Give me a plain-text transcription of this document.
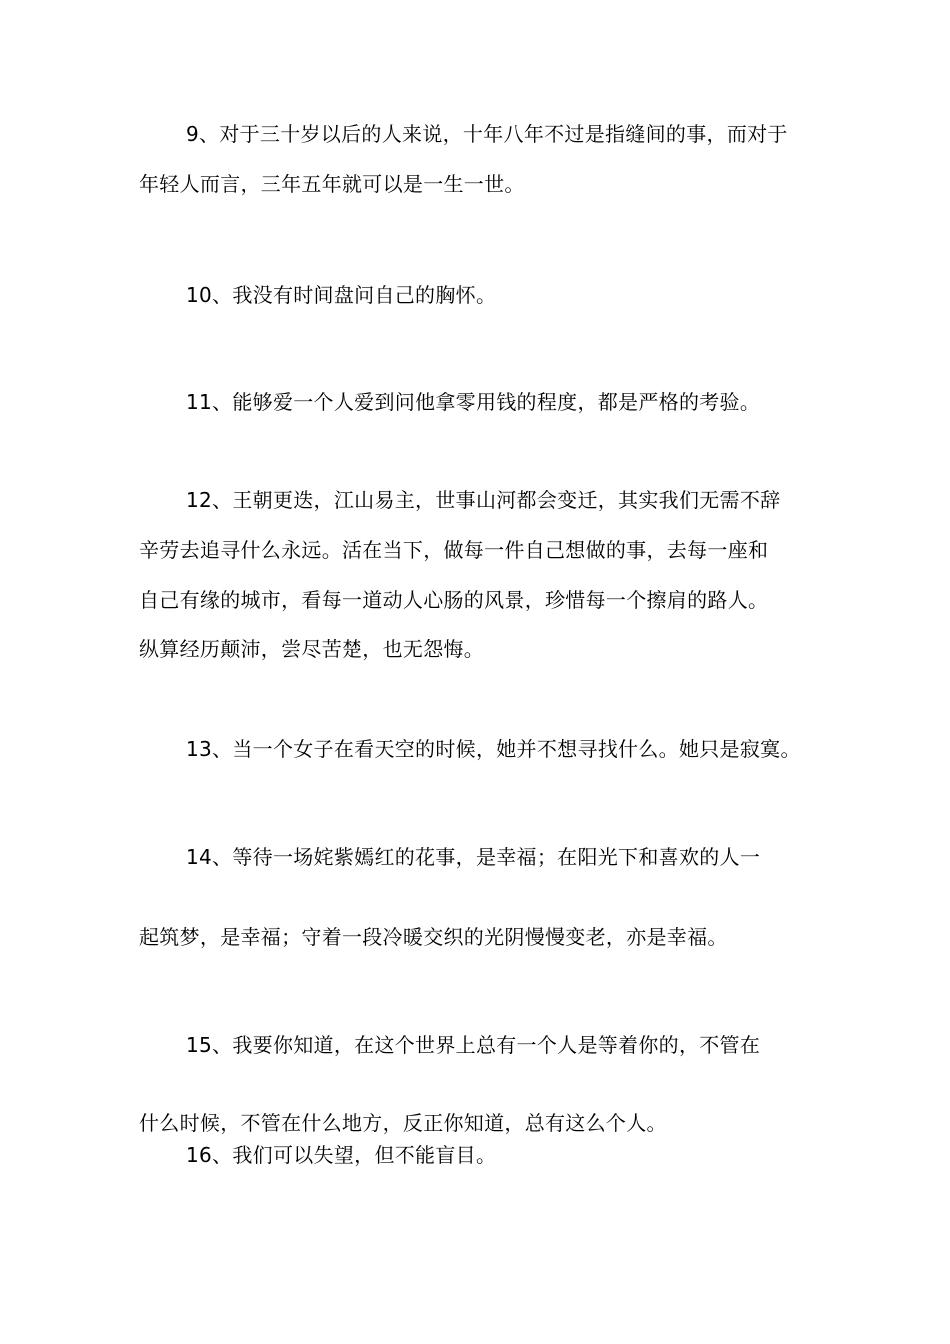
9、对于三十岁以后的人来说，十年八年不过是指缝间的事，而对于
年轻人而言，三年五年就可以是一生一世。
10、我没有时间盘问自己的胸怀。
11、能够爱一个人爱到问他拿零用钱的程度，都是严格的考验。
12、王朝更迭，江山易主，世事山河都会变迁，其实我们无需不辞
辛劳去追寻什么永远。活在当下，做每一件自己想做的事，去每一座和
自己有缘的城市，看每一道动人心肠的风景，珍惜每一个擦肩的路人。
纵算经历颠沛，尝尽苦楚，也无怨悔。
13、当一个女子在看天空的时候，她并不想寻找什么。她只是寂寞。
14、等待一场姹紫嫣红的花事，是幸福；在阳光下和喜欢的人一
起筑梦，是幸福；守着一段冷暖交织的光阴慢慢变老，亦是幸福。
15、我要你知道，在这个世界上总有一个人是等着你的，不管在
什么时候，不管在什么地方，反正你知道，总有这么个人。
16、我们可以失望，但不能盲目。
